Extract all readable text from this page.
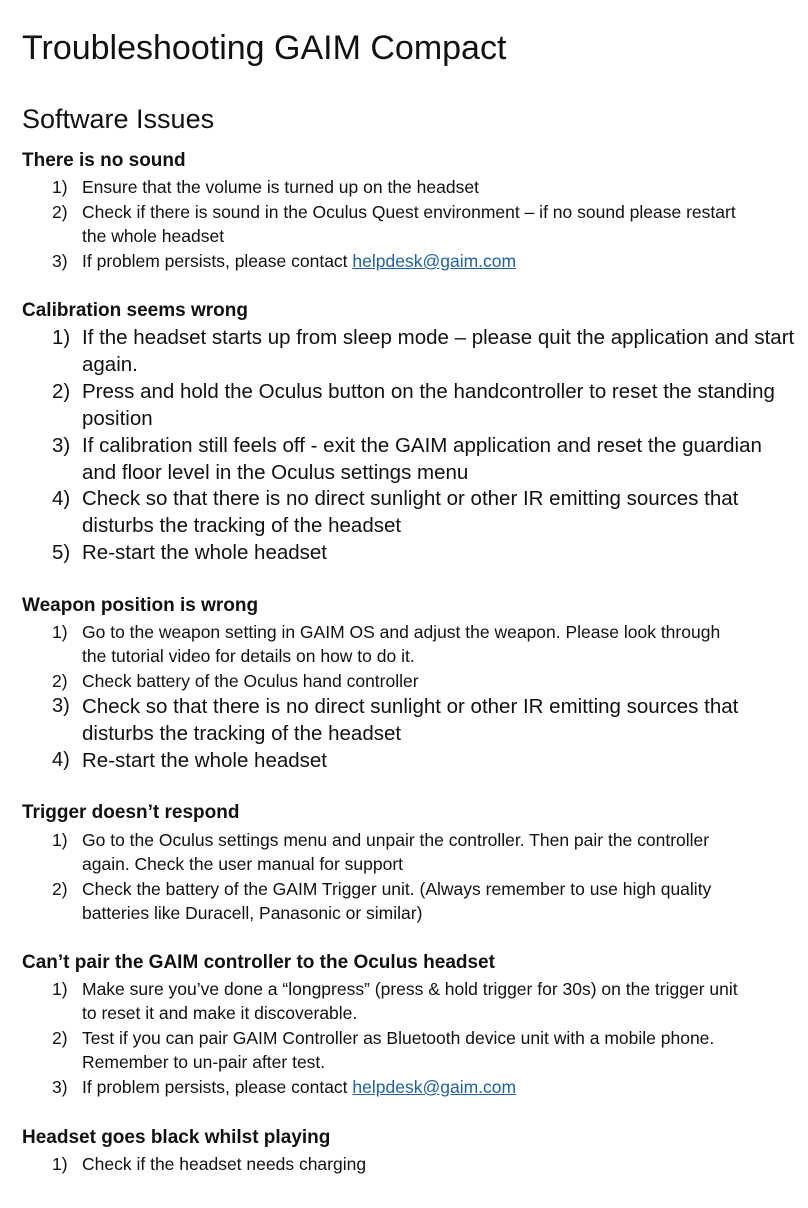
Troubleshooting GAIM Compact
Software Issues
There is no sound
1) Ensure that the volume is turned up on the headset
2) Check if there is sound in the Oculus Quest environment – if no sound please restart
the whole headset
3) If problem persists, please contact helpdesk@gaim.com
Calibration seems wrong
1) If the headset starts up from sleep mode – please quit the application and start
again.
2) Press and hold the Oculus button on the handcontroller to reset the standing
position
3) If calibration still feels off - exit the GAIM application and reset the guardian
and floor level in the Oculus settings menu
4) Check so that there is no direct sunlight or other IR emitting sources that
disturbs the tracking of the headset
5) Re-start the whole headset
Weapon position is wrong
1) Go to the weapon setting in GAIM OS and adjust the weapon. Please look through
the tutorial video for details on how to do it.
2) Check battery of the Oculus hand controller
3) Check so that there is no direct sunlight or other IR emitting sources that
disturbs the tracking of the headset
4) Re-start the whole headset
Trigger doesn’t respond
1) Go to the Oculus settings menu and unpair the controller. Then pair the controller
again. Check the user manual for support
2) Check the battery of the GAIM Trigger unit. (Always remember to use high quality
batteries like Duracell, Panasonic or similar)
Can’t pair the GAIM controller to the Oculus headset
1) Make sure you’ve done a “longpress” (press & hold trigger for 30s) on the trigger unit
to reset it and make it discoverable.
2) Test if you can pair GAIM Controller as Bluetooth device unit with a mobile phone.
Remember to un-pair after test.
3) If problem persists, please contact helpdesk@gaim.com
Headset goes black whilst playing
1) Check if the headset needs charging
